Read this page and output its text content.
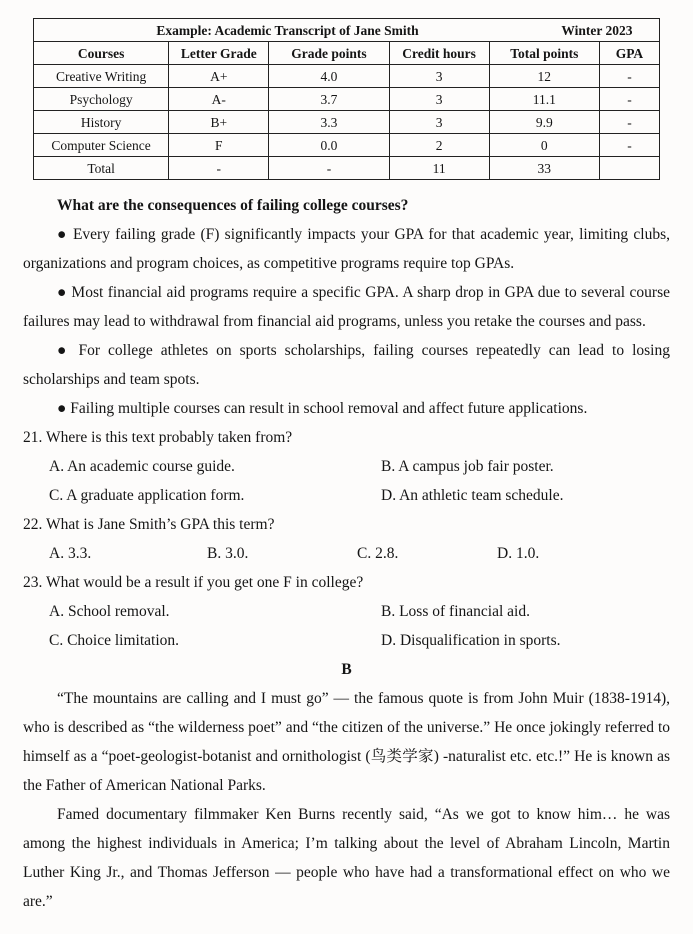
Example: Academic Transcript of Jane Smith Winter 2023					

Courses	Letter Grade	Grade points	Credit hours	Total points	GPA
Creative Writing	A+	4.0	3	12	-
Psychology	A-	3.7	3	11.1	-
History	B+	3.3	3	9.9	-
Computer Science	F	0.0	2	0	-
Total	-	-	11	33	

What are the consequences of failing college courses?

● Every failing grade (F) significantly impacts your GPA for that academic year, limiting clubs, organizations and program choices, as competitive programs require top GPAs.

● Most financial aid programs require a specific GPA. A sharp drop in GPA due to several course failures may lead to withdrawal from financial aid programs, unless you retake the courses and pass.

● For college athletes on sports scholarships, failing courses repeatedly can lead to losing scholarships and team spots.

● Failing multiple courses can result in school removal and affect future applications.

21. Where is this text probably taken from?

A. An academic course guide.	B. A campus job fair poster.
C. A graduate application form.	D. An athletic team schedule.

22. What is Jane Smith’s GPA this term?

A. 3.3.	B. 3.0.	C. 2.8.	D. 1.0.

23. What would be a result if you get one F in college?

A. School removal.	B. Loss of financial aid.
C. Choice limitation.	D. Disqualification in sports.

B

“The mountains are calling and I must go” — the famous quote is from John Muir (1838-1914), who is described as “the wilderness poet” and “the citizen of the universe.” He once jokingly referred to himself as a “poet-geologist-botanist and ornithologist (鸟类学家) -naturalist etc. etc.!” He is known as the Father of American National Parks.

Famed documentary filmmaker Ken Burns recently said, “As we got to know him… he was among the highest individuals in America; I’m talking about the level of Abraham Lincoln, Martin Luther King Jr., and Thomas Jefferson — people who have had a transformational effect on who we are.”
